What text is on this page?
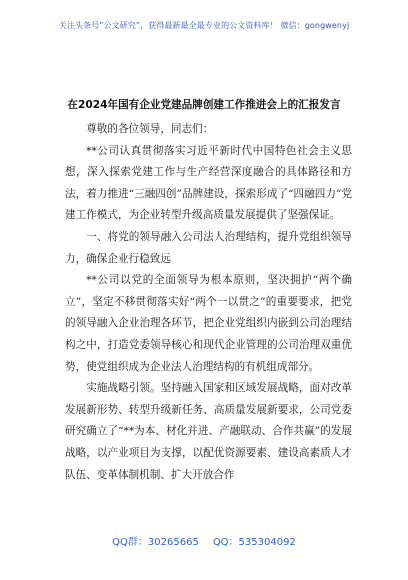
关注头条号“公文研究”，获得最新最全最专业的公文资料库！ 微信：gongwenyj
在2024年国有企业党建品牌创建工作推进会上的汇报发言

尊敬的各位领导，同志们：

**公司认真贯彻落实习近平新时代中国特色社会主义思想，深入探索党建工作与生产经营深度融合的具体路径和方法，着力推进“三融四创”品牌建设，探索形成了“四融四力”党建工作模式，为企业转型升级高质量发展提供了坚强保证。

一、将党的领导融入公司法人治理结构，提升党组织领导力，确保企业行稳致远

**公司以党的全面领导为根本原则，坚决拥护“两个确立”，坚定不移贯彻落实好“两个一以贯之”的重要要求，把党的领导融入企业治理各环节，把企业党组织内嵌到公司治理结构之中，打造党委领导核心和现代企业管理的公司治理双重优势，使党组织成为企业法人治理结构的有机组成部分。

实施战略引领。坚持融入国家和区域发展战略，面对改革发展新形势、转型升级新任务、高质量发展新要求，公司党委研究确立了“**为本、材化并进、产融联动、合作共赢”的发展战略，以产业项目为支撑，以配优资源要素、建设高素质人才队伍、变革体制机制、扩大开放合作

QQ群：30265665 QQ：535304092
